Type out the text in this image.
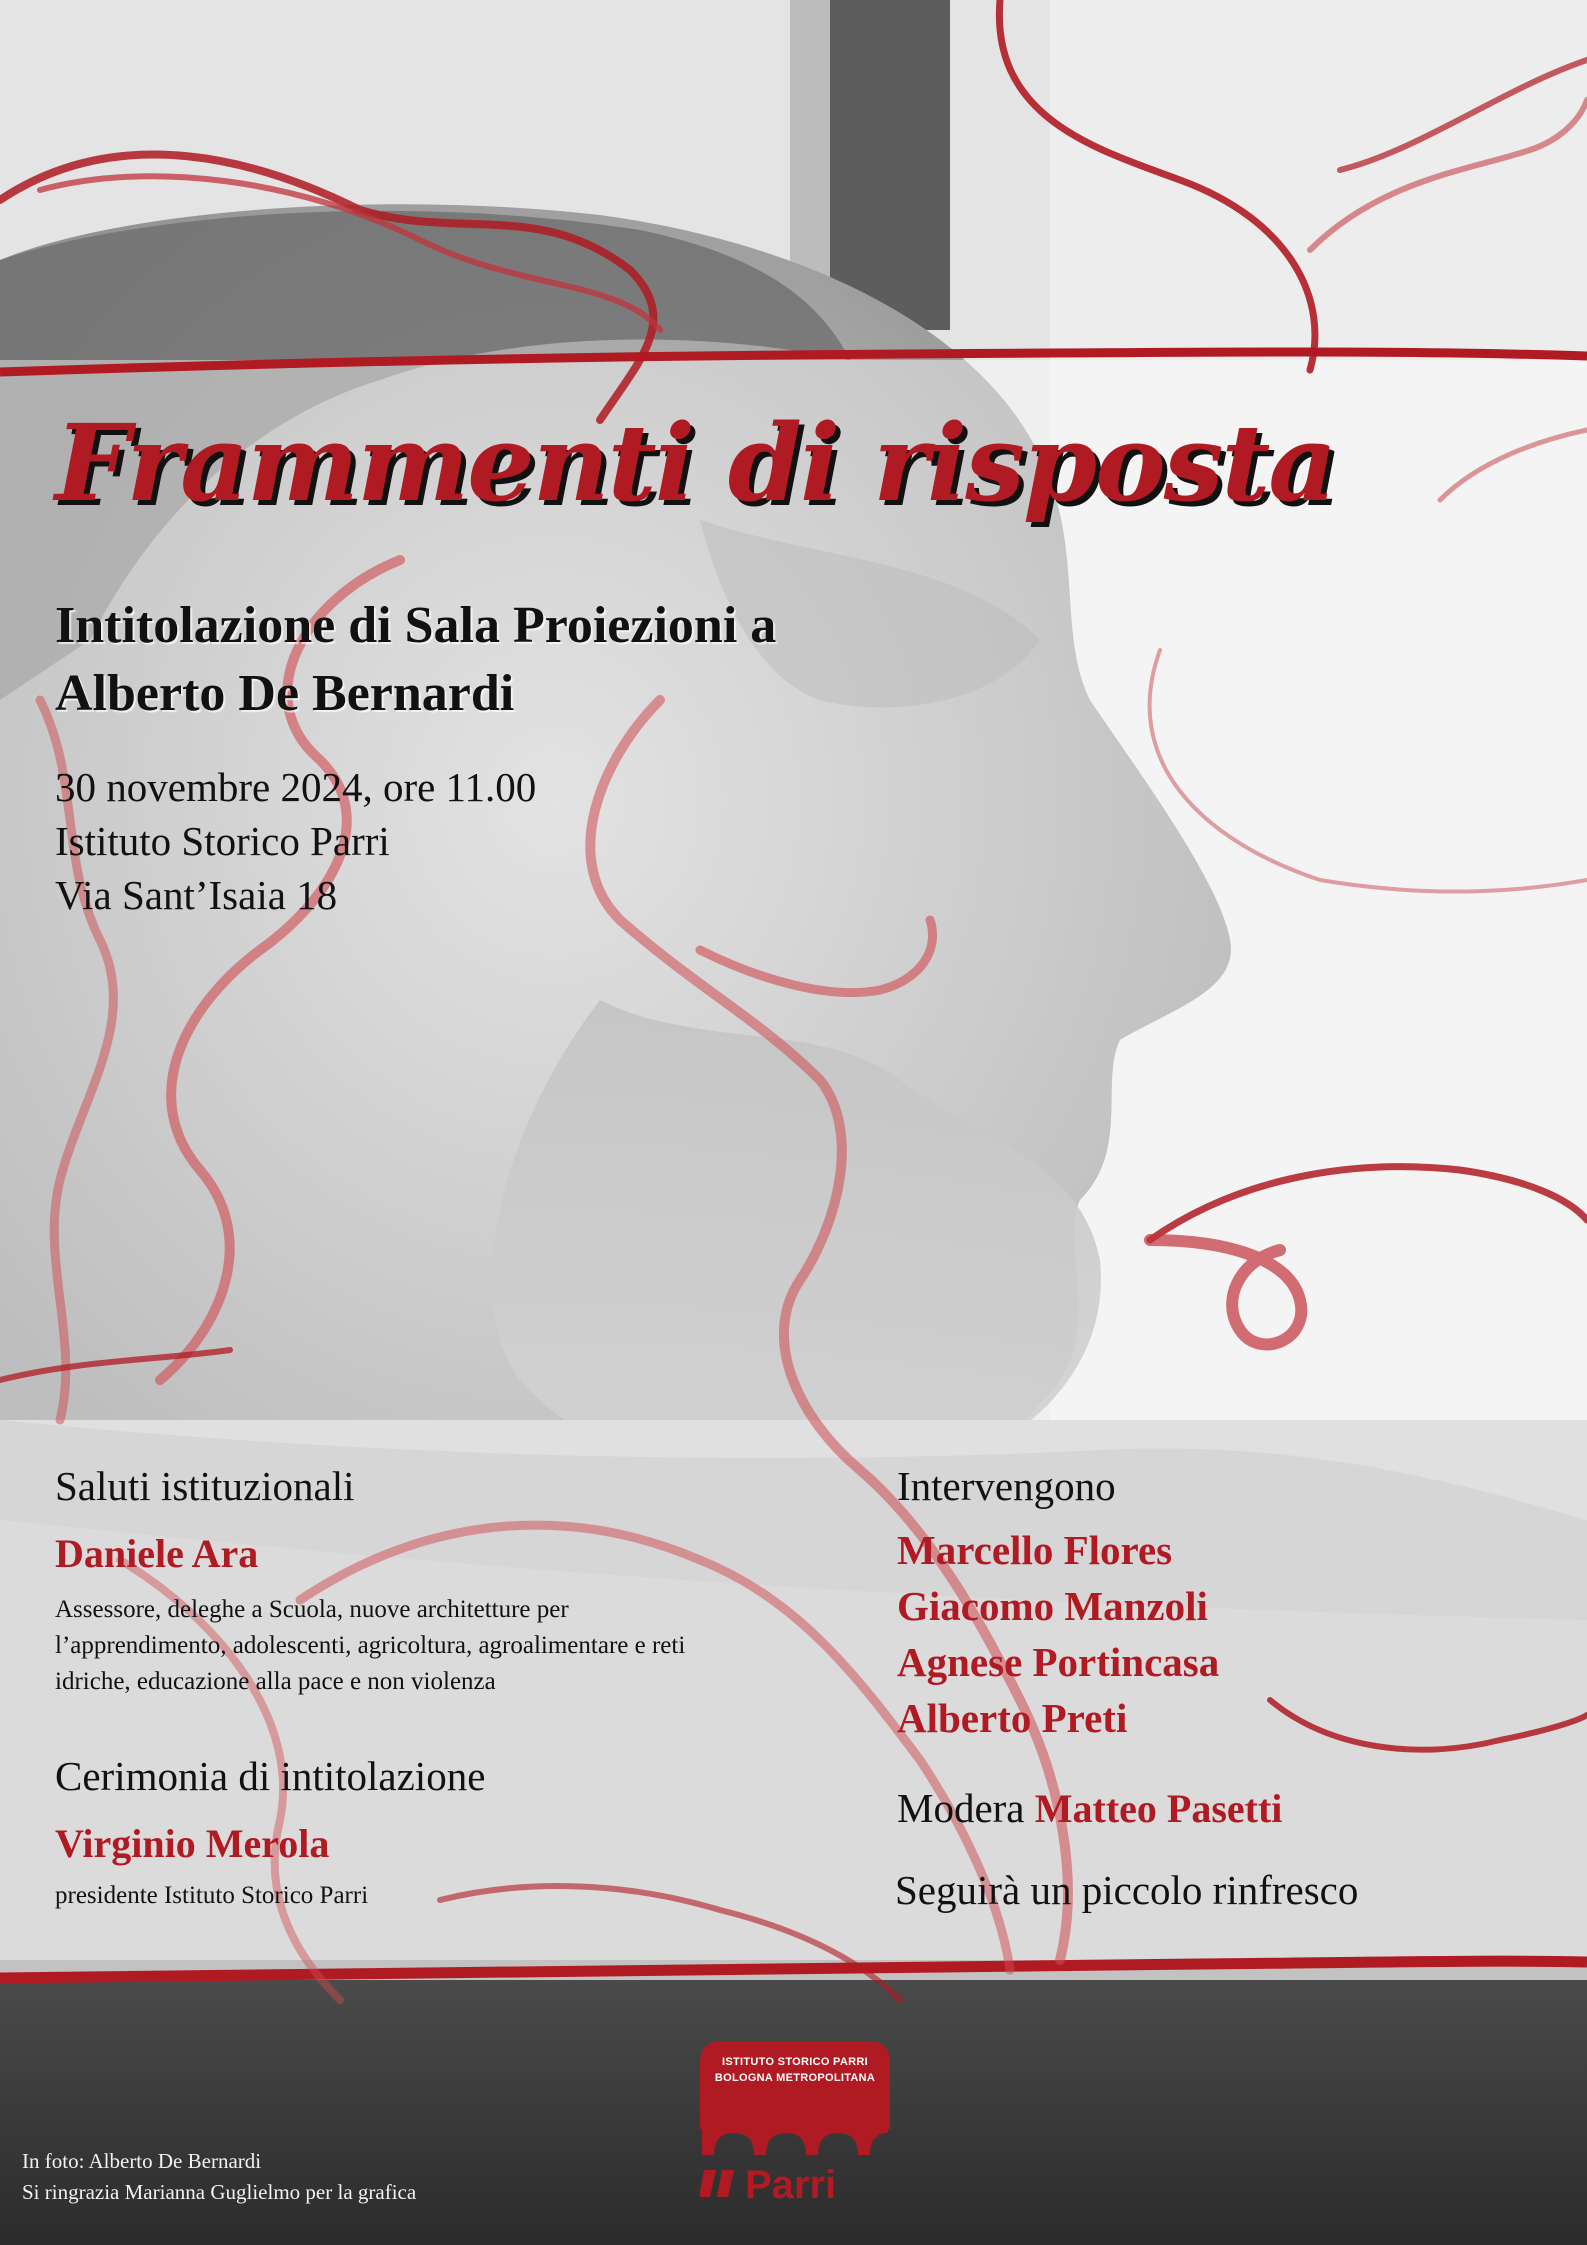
Frammenti di risposta
Intitolazione di Sala Proiezioni a
Alberto De Bernardi
30 novembre 2024, ore 11.00
Istituto Storico Parri
Via Sant’Isaia 18
Saluti istituzionali
Daniele Ara
Assessore, deleghe a Scuola, nuove architetture per l’apprendimento, adolescenti, agricoltura, agroalimentare e reti idriche, educazione alla pace e non violenza
Cerimonia di intitolazione
Virginio Merola
presidente Istituto Storico Parri
Intervengono
Marcello Flores
Giacomo Manzoli
Agnese Portincasa
Alberto Preti
Modera Matteo Pasetti
Seguirà un piccolo rinfresco
ISTITUTO STORICO PARRI
BOLOGNA METROPOLITANA
Parri
In foto: Alberto De Bernardi
Si ringrazia Marianna Guglielmo per la grafica
